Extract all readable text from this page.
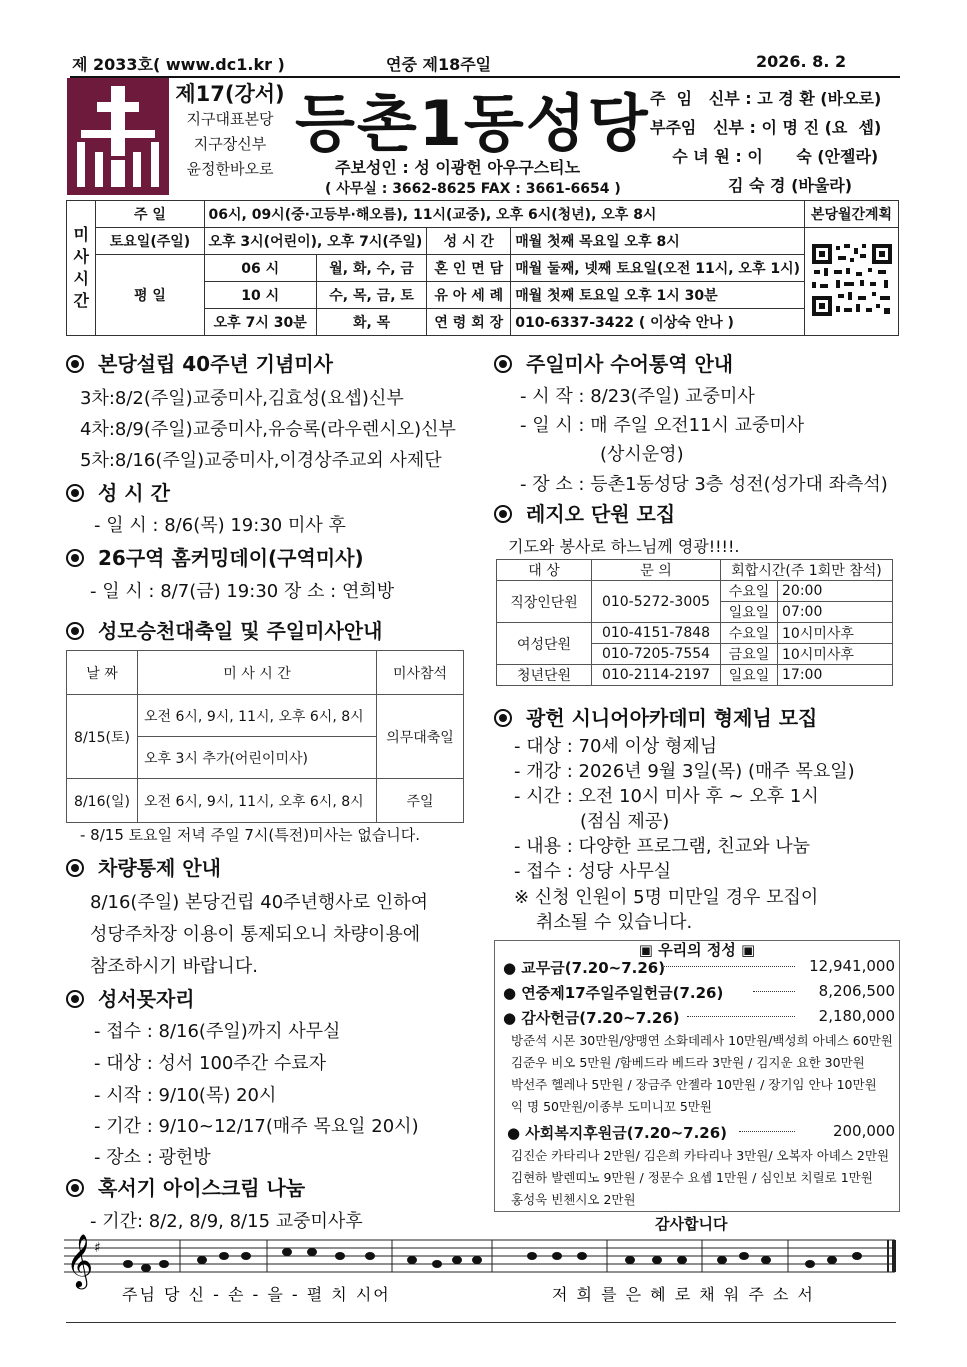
제 2033호( www.dc1.kr )	연중 제18주일	2026. 8. 2
제17(강서)
지구대표본당
지구장신부
윤정한바오로
등촌1동성당
주보성인 : 성 이광헌 아우구스티노
( 사무실 : 3662-8625 FAX : 3661-6654 )
주  임   신부 : 고 경 환 (바오로)
부주임   신부 : 이 명 진 (요  셉)
수 녀 원 : 이      숙 (안젤라)
김 숙 경 (바울라)
미
사
시
간	주 일	06시, 09시(중·고등부·해오름), 11시(교중), 오후 6시(청년), 오후 8시				본당월간계획
	토요일(주일)	오후 3시(어린이), 오후 7시(주일)		성 시 간	매월 첫째 목요일 오후 8시	
	평 일	06 시	월, 화, 수, 금	혼 인 면 담	매월 둘째, 넷째 토요일(오전 11시, 오후 1시)	
		10 시	수, 목, 금, 토	유 아 세 례	매월 첫째 토요일 오후 1시 30분	
		오후 7시 30분	화, 목	연 령 회 장	010-6337-3422 ( 이상숙 안나 )	
본당설립 40주년 기념미사
3차:8/2(주일)교중미사,김효성(요셉)신부
4차:8/9(주일)교중미사,유승록(라우렌시오)신부
5차:8/16(주일)교중미사,이경상주교외 사제단
성 시 간
- 일 시 : 8/6(목) 19:30 미사 후
26구역 홈커밍데이(구역미사)
- 일 시 : 8/7(금) 19:30 장 소 : 연희방
성모승천대축일 및 주일미사안내
날 짜	미 사 시 간	미사참석
8/15(토)	오전 6시, 9시, 11시, 오후 6시, 8시	의무대축일
	오후 3시 추가(어린이미사)	
8/16(일)	오전 6시, 9시, 11시, 오후 6시, 8시	주일
- 8/15 토요일 저녁 주일 7시(특전)미사는 없습니다.
차량통제 안내
8/16(주일) 본당건립 40주년행사로 인하여
성당주차장 이용이 통제되오니 차량이용에
참조하시기 바랍니다.
성서못자리
- 접수 : 8/16(주일)까지 사무실
- 대상 : 성서 100주간 수료자
- 시작 : 9/10(목) 20시
- 기간 : 9/10~12/17(매주 목요일 20시)
- 장소 : 광헌방
혹서기 아이스크림 나눔
- 기간: 8/2, 8/9, 8/15 교중미사후
주일미사 수어통역 안내
- 시 작 : 8/23(주일) 교중미사
- 일 시 : 매 주일 오전11시 교중미사
(상시운영)
- 장 소 : 등촌1동성당 3층 성전(성가대 좌측석)
레지오 단원 모집
기도와 봉사로 하느님께 영광!!!!.
대 상	문 의	회합시간(주 1회만 참석)	
직장인단원	010-5272-3005	수요일	20:00
		일요일	07:00
여성단원	010-4151-7848	수요일	10시미사후
	010-7205-7554	금요일	10시미사후
청년단원	010-2114-2197	일요일	17:00
광헌 시니어아카데미 형제님 모집
- 대상 : 70세 이상 형제님
- 개강 : 2026년 9월 3일(목) (매주 목요일)
- 시간 : 오전 10시 미사 후 ~ 오후 1시
(점심 제공)
- 내용 : 다양한 프로그램, 친교와 나눔
- 접수 : 성당 사무실
※ 신청 인원이 5명 미만일 경우 모집이
취소될 수 있습니다.
▣ 우리의 정성 ▣
● 교무금(7.20~7.26)	12,941,000
● 연중제17주일주일헌금(7.26)	8,206,500
● 감사헌금(7.20~7.26)	2,180,000
방준석 시몬 30만원/양맹연 소화데레사 10만원/백성희 아녜스 60만원
김준우 비오 5만원 /함베드라 베드라 3만원 / 김지운 요한 30만원
박선주 헬레나 5만원 / 장금주 안젤라 10만원 / 장기임 안나 10만원
익 명 50만원/이종부 도미니꼬 5만원
● 사회복지후원금(7.20~7.26)	200,000
김진순 카타리나 2만원/ 김은희 카타리나 3만원/ 오복자 아녜스 2만원
김현하 발렌띠노 9만원 / 정문수 요셉 1만원 / 심인보 치릴로 1만원
홍성욱 빈첸시오 2만원
감사합니다
𝄞 ♯
주님 당 신 - 손 - 을 - 펼 치 시어	저 희 를 은 혜 로 채 워 주 소 서
